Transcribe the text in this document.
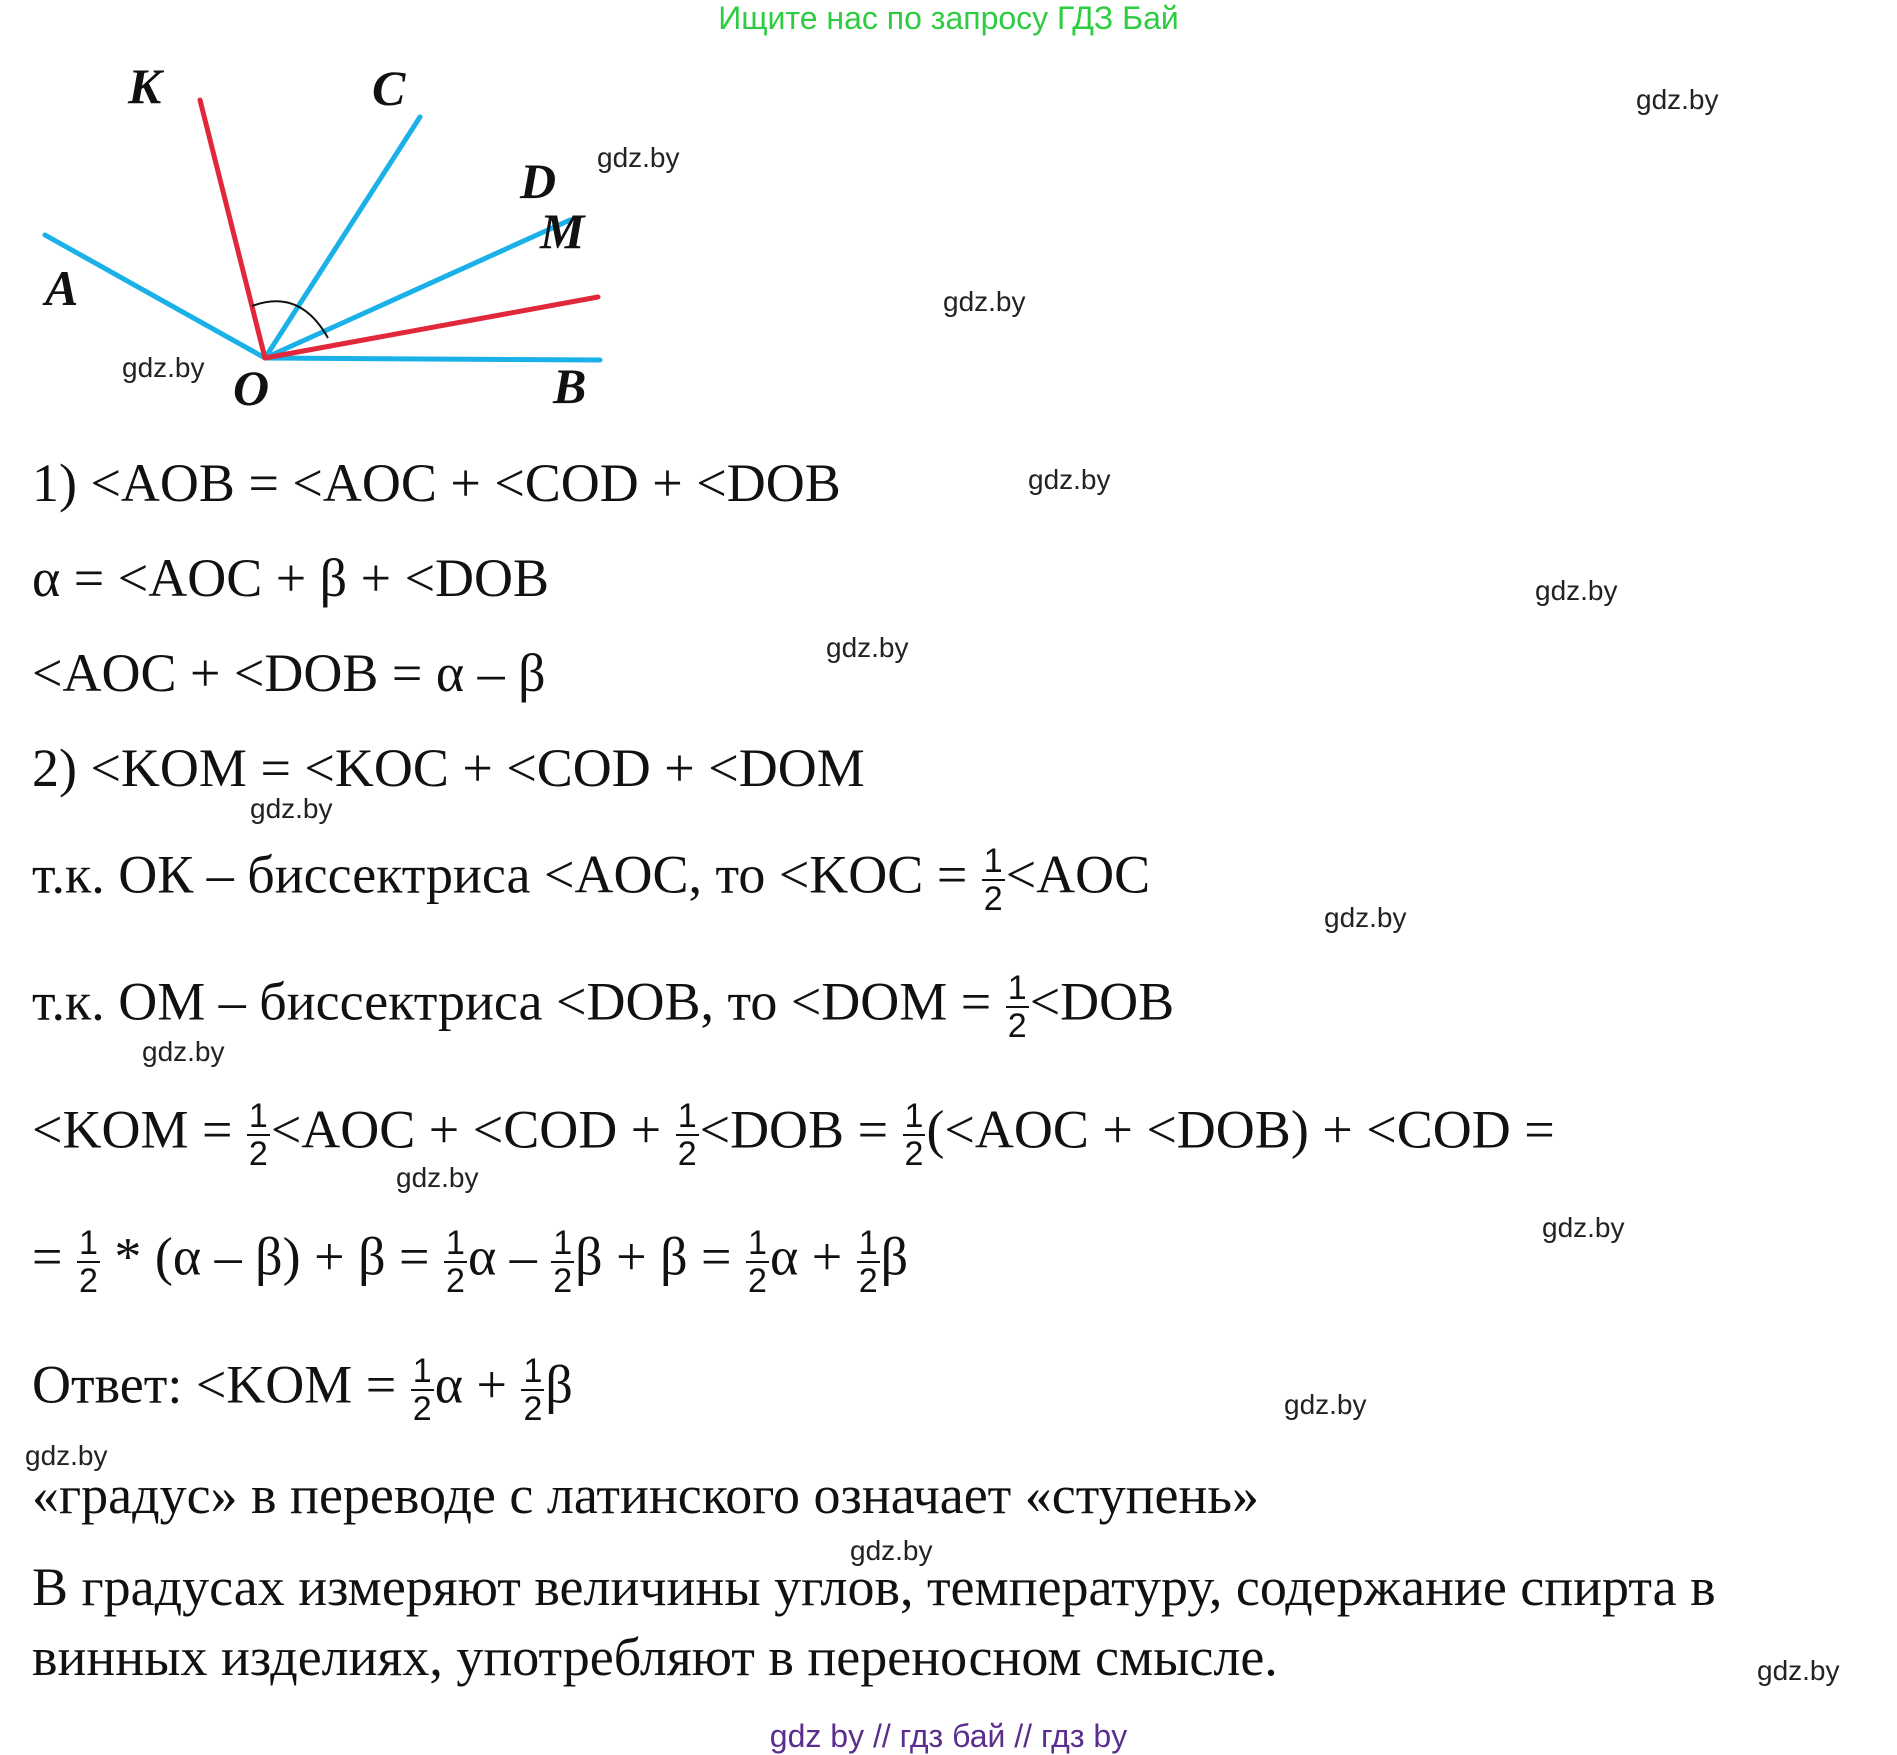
Ищите нас по запросу ГДЗ Бай
K	C
D
M
A
O	B
gdz.by
gdz.by
gdz.by
gdz.by
gdz.by
gdz.by
gdz.by
gdz.by
gdz.by
gdz.by
gdz.by
gdz.by
gdz.by
gdz.by
gdz.by
gdz.by
1) <AOB = <AOC + <COD + <DOB
α = <AOC + β + <DOB
<AOC + <DOB = α – β
2) <KOM = <KOC + <COD + <DOM
т.к. ОК – биссектриса <AOC, то $<KOC = \frac{1}{2} <AOC$
т.к. ОМ – биссектриса <DOB, то $<DOM = \frac{1}{2} <DOB$
$<KOM = \frac{1}{2} <AOC + <COD + \frac{1}{2} <DOB = \frac{1}{2} (<AOC + <DOB) + <COD$ =
= $\frac{1}{2} * (\alpha - \beta) + \beta = \frac{1}{2}$ α – $\frac{1}{2}$ $\beta + \beta = \frac{1}{2}$ $\alpha + \frac{1}{2}$ β
Ответ: $<KOM = \frac{1}{2}$ $\alpha + \frac{1}{2}$ β
«градус» в переводе с латинского означает «ступень»
В градусах измеряют величины углов, температуру, содержание спирта в винных изделиях, употребляют в переносном смысле.
gdz by // гдз бай // гдз by
